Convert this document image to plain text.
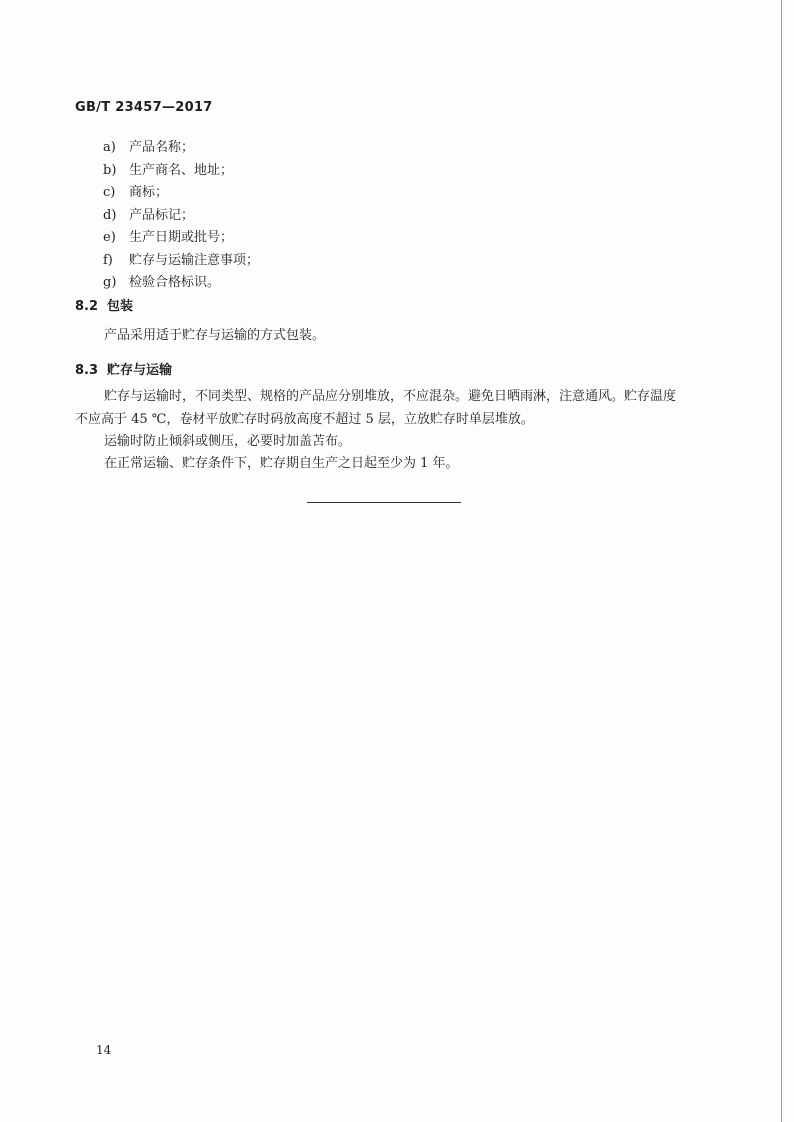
GB/T 23457—2017
a) 产品名称；
b) 生产商名、地址；
c) 商标；
d) 产品标记；
e) 生产日期或批号；
f) 贮存与运输注意事项；
g) 检验合格标识。
8.2 包装

产品采用适于贮存与运输的方式包装。

8.3 贮存与运输

贮存与运输时，不同类型、规格的产品应分别堆放，不应混杂。避免日晒雨淋，注意通风。贮存温度
不应高于 45 ℃，卷材平放贮存时码放高度不超过 5 层，立放贮存时单层堆放。

运输时防止倾斜或侧压，必要时加盖苫布。

在正常运输、贮存条件下，贮存期自生产之日起至少为 1 年。

14
